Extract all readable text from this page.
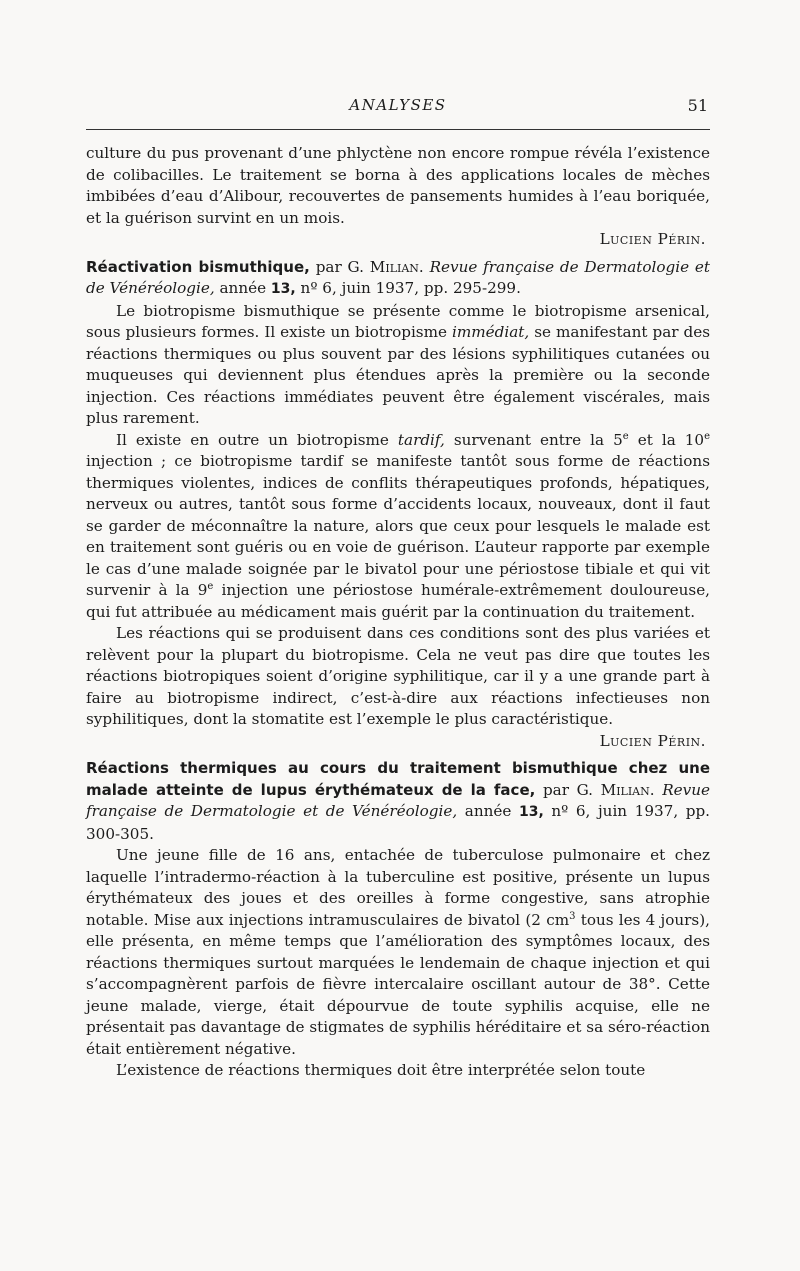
ANALYSES	51

culture du pus provenant d’une phlyctène non encore rompue révéla l’existence de colibacilles. Le traitement se borna à des applications locales de mèches imbibées d’eau d’Alibour, recouvertes de pansements humides à l’eau boriquée, et la guérison survint en un mois.

Lucien Périn.

Réactivation bismuthique, par G. Milian. Revue française de Dermatologie et de Vénéréologie, année 13, nº 6, juin 1937, pp. 295-299.

Le biotropisme bismuthique se présente comme le biotropisme arsenical, sous plusieurs formes. Il existe un biotropisme immédiat, se manifestant par des réactions thermiques ou plus souvent par des lésions syphilitiques cutanées ou muqueuses qui deviennent plus étendues après la première ou la seconde injection. Ces réactions immédiates peuvent être également viscérales, mais plus rarement.

Il existe en outre un biotropisme tardif, survenant entre la 5e et la 10e injection ; ce biotropisme tardif se manifeste tantôt sous forme de réactions thermiques violentes, indices de conflits thérapeutiques profonds, hépatiques, nerveux ou autres, tantôt sous forme d’accidents locaux, nouveaux, dont il faut se garder de méconnaître la nature, alors que ceux pour lesquels le malade est en traitement sont guéris ou en voie de guérison. L’auteur rapporte par exemple le cas d’une malade soignée par le bivatol pour une périostose tibiale et qui vit survenir à la 9e injection une périostose humérale-extrêmement douloureuse, qui fut attribuée au médicament mais guérit par la continuation du traitement.

Les réactions qui se produisent dans ces conditions sont des plus variées et relèvent pour la plupart du biotropisme. Cela ne veut pas dire que toutes les réactions biotropiques soient d’origine syphilitique, car il y a une grande part à faire au biotropisme indirect, c’est-à-dire aux réactions infectieuses non syphilitiques, dont la stomatite est l’exemple le plus caractéristique.
Lucien Périn.

Réactions thermiques au cours du traitement bismuthique chez une malade atteinte de lupus érythémateux de la face, par G. Milian. Revue française de Dermatologie et de Vénéréologie, année 13, nº 6, juin 1937, pp. 300-305.

Une jeune fille de 16 ans, entachée de tuberculose pulmonaire et chez laquelle l’intradermo-réaction à la tuberculine est positive, présente un lupus érythémateux des joues et des oreilles à forme congestive, sans atrophie notable. Mise aux injections intramusculaires de bivatol (2 $cm^3$ tous les 4 jours), elle présenta, en même temps que l’amélioration des symptômes locaux, des réactions thermiques surtout marquées le lendemain de chaque injection et qui s’accompagnèrent parfois de fièvre intercalaire oscillant autour de 38°. Cette jeune malade, vierge, était dépourvue de toute syphilis acquise, elle ne présentait pas davantage de stigmates de syphilis héréditaire et sa séro-réaction était entièrement négative.

L’existence de réactions thermiques doit être interprétée selon toute
